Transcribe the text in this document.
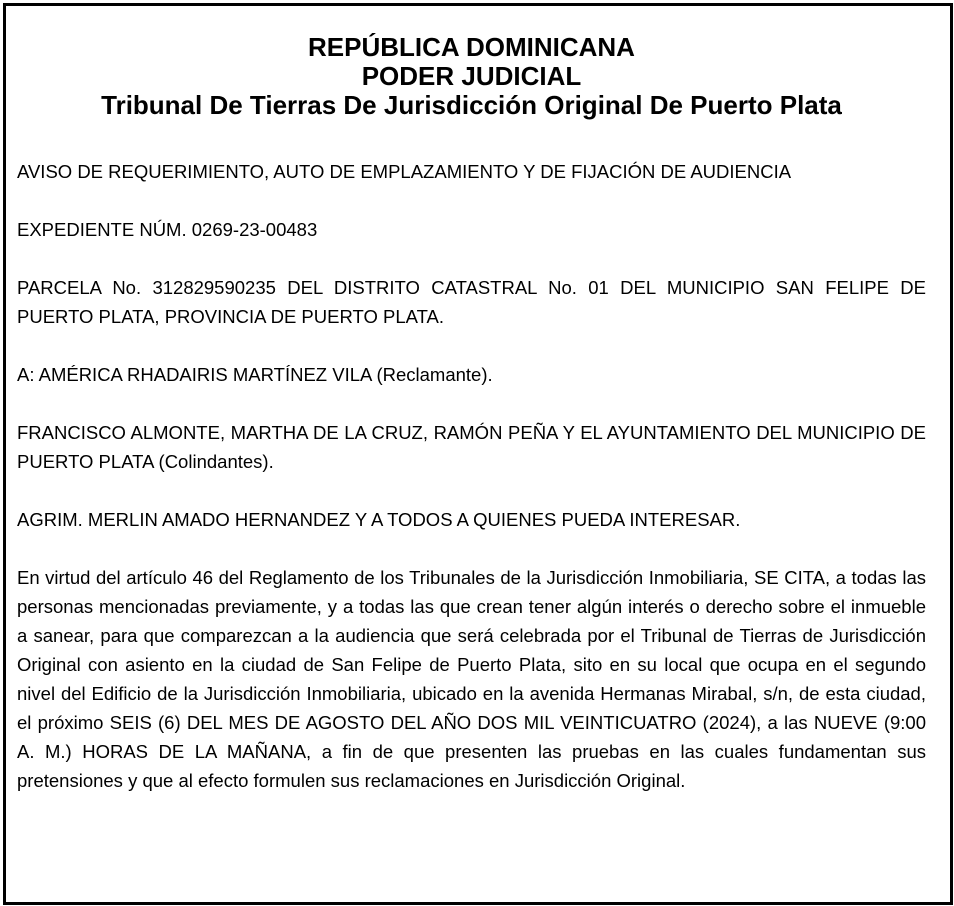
REPÚBLICA DOMINICANA
PODER JUDICIAL
Tribunal De Tierras De Jurisdicción Original De Puerto Plata

AVISO DE REQUERIMIENTO, AUTO DE EMPLAZAMIENTO Y DE FIJACIÓN DE AUDIENCIA

EXPEDIENTE NÚM. 0269-23-00483

PARCELA No. 312829590235 DEL DISTRITO CATASTRAL No. 01 DEL MUNICIPIO SAN FELIPE DE PUERTO PLATA, PROVINCIA DE PUERTO PLATA.

A: AMÉRICA RHADAIRIS MARTÍNEZ VILA (Reclamante).

FRANCISCO ALMONTE, MARTHA DE LA CRUZ, RAMÓN PEÑA Y EL AYUNTAMIENTO DEL MUNICIPIO DE PUERTO PLATA (Colindantes).

AGRIM. MERLIN AMADO HERNANDEZ Y A TODOS A QUIENES PUEDA INTERESAR.

En virtud del artículo 46 del Reglamento de los Tribunales de la Jurisdicción Inmobiliaria, SE CITA, a todas las personas mencionadas previamente, y a todas las que crean tener algún interés o derecho sobre el inmueble a sanear, para que comparezcan a la audiencia que será celebrada por el Tribunal de Tierras de Jurisdicción Original con asiento en la ciudad de San Felipe de Puerto Plata, sito en su local que ocupa en el segundo nivel del Edificio de la Jurisdicción Inmobiliaria, ubicado en la avenida Hermanas Mirabal, s/n, de esta ciudad, el próximo SEIS (6) DEL MES DE AGOSTO DEL AÑO DOS MIL VEINTICUATRO (2024), a las NUEVE (9:00 A. M.) HORAS DE LA MAÑANA, a fin de que presenten las pruebas en las cuales fundamentan sus pretensiones y que al efecto formulen sus reclamaciones en Jurisdicción Original.
